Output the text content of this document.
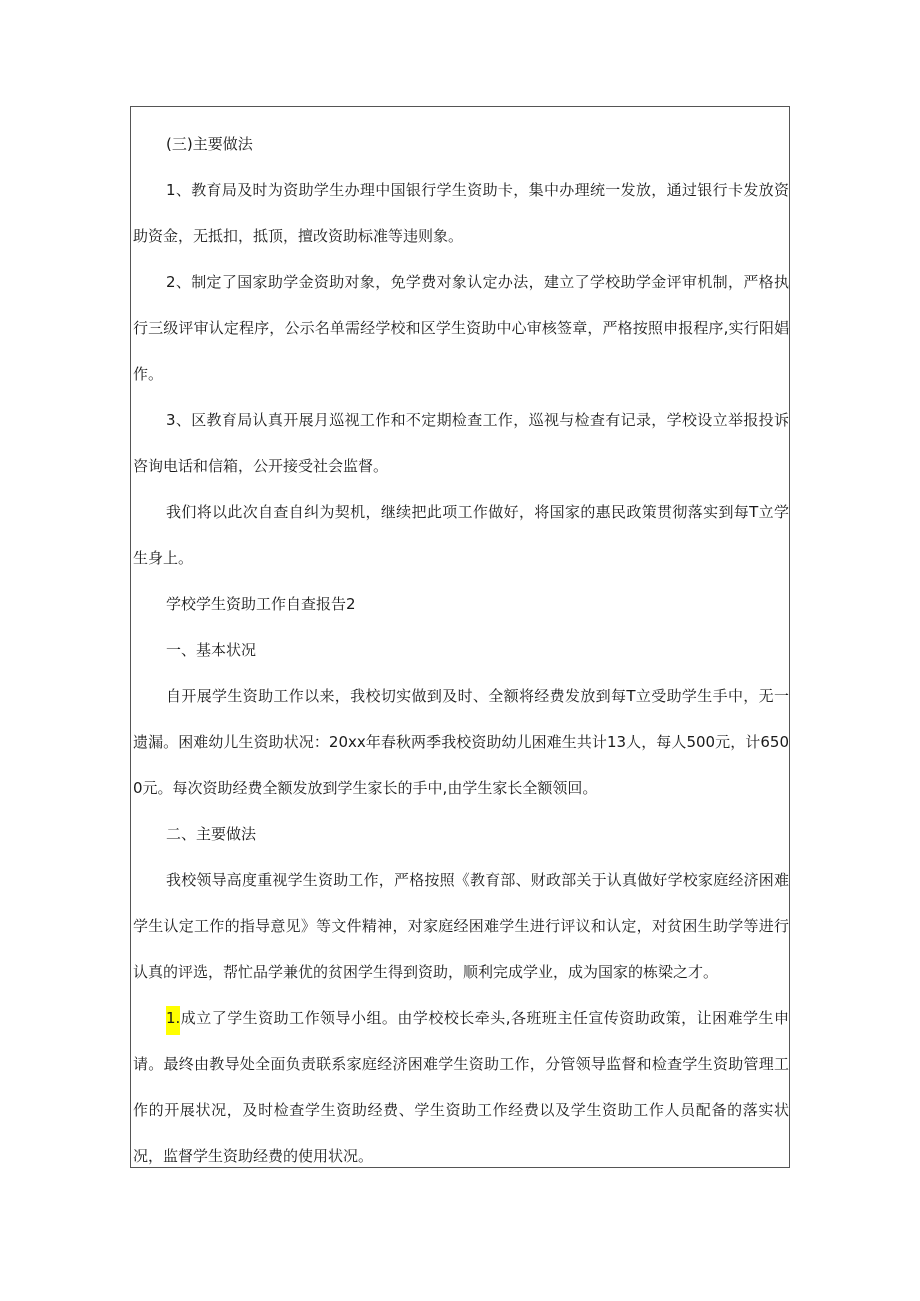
(三)主要做法

1、教育局及时为资助学生办理中国银行学生资助卡，集中办理统一发放，通过银行卡发放资助资金，无抵扣，抵顶，擅改资助标准等违则象。

2、制定了国家助学金资助对象，免学费对象认定办法，建立了学校助学金评审机制，严格执行三级评审认定程序，公示名单需经学校和区学生资助中心审核签章，严格按照申报程序,实行阳娼作。

3、区教育局认真开展月巡视工作和不定期检查工作，巡视与检查有记录，学校设立举报投诉咨询电话和信箱，公开接受社会监督。

我们将以此次自查自纠为契机，继续把此项工作做好，将国家的惠民政策贯彻落实到每T立学生身上。

学校学生资助工作自查报告2

一、基本状况

自开展学生资助工作以来，我校切实做到及时、全额将经费发放到每T立受助学生手中，无一遗漏。困难幼儿生资助状况：20xx年春秋两季我校资助幼儿困难生共计13人，每人500元，计6500元。每次资助经费全额发放到学生家长的手中,由学生家长全额领回。

二、主要做法

我校领导高度重视学生资助工作，严格按照《教育部、财政部关于认真做好学校家庭经济困难学生认定工作的指导意见》等文件精神，对家庭经困难学生进行评议和认定，对贫困生助学等进行认真的评选，帮忙品学兼优的贫困学生得到资助，顺利完成学业，成为国家的栋梁之才。

1.成立了学生资助工作领导小组。由学校校长牵头,各班班主任宣传资助政策，让困难学生申请。最终由教导处全面负责联系家庭经济困难学生资助工作，分管领导监督和检查学生资助管理工作的开展状况，及时检查学生资助经费、学生资助工作经费以及学生资助工作人员配备的落实状况，监督学生资助经费的使用状况。
